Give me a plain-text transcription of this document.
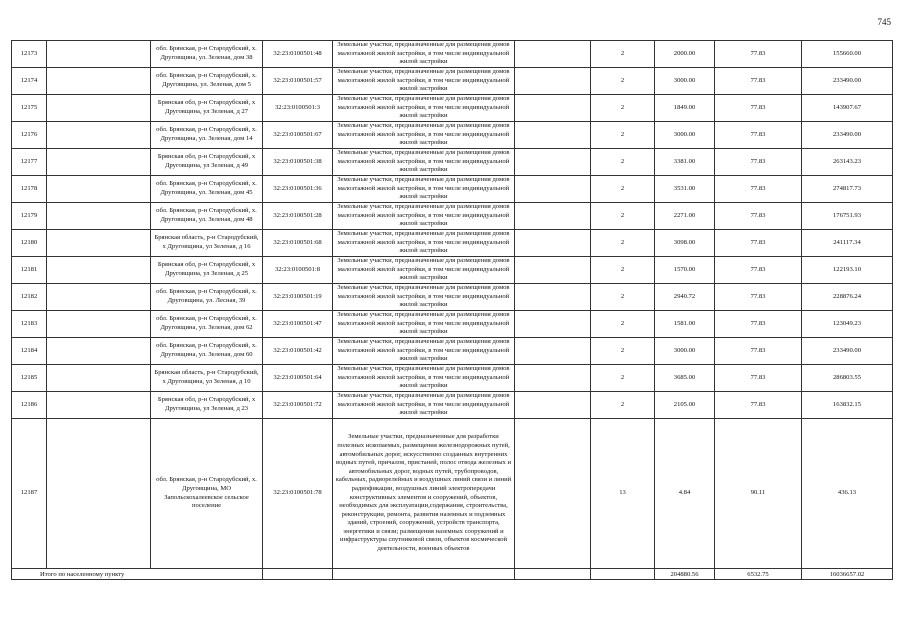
745
12173		обл. Брянская, р-н Стародубский, х. Друговщина, ул. Зеленая, дом 38	32:23:0100501:48	Земельные участки, предназначенные для размещения домов малоэтажной жилой застройки, в том числе индивидуальной жилой застройки		2	2000.00	77.83	155660.00
12174		обл. Брянская, р-н Стародубский, х. Друговщина, ул. Зеленая, дом 5	32:23:0100501:57	Земельные участки, предназначенные для размещения домов малоэтажной жилой застройки, в том числе индивидуальной жилой застройки		2	3000.00	77.83	233490.00
12175		Брянская обл, р-н Стародубский, х Друговщина, ул Зеленая, д 27	32:23:0100501:3	Земельные участки, предназначенные для размещения домов малоэтажной жилой застройки, в том числе индивидуальной жилой застройки		2	1849.00	77.83	143907.67
12176		обл. Брянская, р-н Стародубский, х. Друговщина, ул. Зеленая, дом 14	32:23:0100501:67	Земельные участки, предназначенные для размещения домов малоэтажной жилой застройки, в том числе индивидуальной жилой застройки		2	3000.00	77.83	233490.00
12177		Брянская обл, р-н Стародубский, х Друговщина, ул Зеленая, д 49	32:23:0100501:38	Земельные участки, предназначенные для размещения домов малоэтажной жилой застройки, в том числе индивидуальной жилой застройки		2	3381.00	77.83	263143.23
12178		обл. Брянская, р-н Стародубский, х. Друговщина, ул. Зеленая, дом 45	32:23:0100501:36	Земельные участки, предназначенные для размещения домов малоэтажной жилой застройки, в том числе индивидуальной жилой застройки		2	3531.00	77.83	274817.73
12179		обл. Брянская, р-н Стародубский, х. Друговщина, ул. Зеленая, дом 48	32:23:0100501:28	Земельные участки, предназначенные для размещения домов малоэтажной жилой застройки, в том числе индивидуальной жилой застройки		2	2271.00	77.83	176751.93
12180		Брянская область, р-н Стародубский, х Друговщина, ул Зеленая, д 16	32:23:0100501:68	Земельные участки, предназначенные для размещения домов малоэтажной жилой застройки, в том числе индивидуальной жилой застройки		2	3098.00	77.83	241117.34
12181		Брянская обл, р-н Стародубский, х Друговщина, ул Зеленая, д 25	32:23:0100501:8	Земельные участки, предназначенные для размещения домов малоэтажной жилой застройки, в том числе индивидуальной жилой застройки		2	1570.00	77.83	122193.10
12182		обл. Брянская, р-н Стародубский, х. Друговщина, ул. Лесная, 39	32:23:0100501:19	Земельные участки, предназначенные для размещения домов малоэтажной жилой застройки, в том числе индивидуальной жилой застройки		2	2940.72	77.83	228876.24
12183		обл. Брянская, р-н Стародубский, х. Друговщина, ул. Зеленая, дом 62	32:23:0100501:47	Земельные участки, предназначенные для размещения домов малоэтажной жилой застройки, в том числе индивидуальной жилой застройки		2	1581.00	77.83	123049.23
12184		обл. Брянская, р-н Стародубский, х. Друговщина, ул. Зеленая, дом 60	32:23:0100501:42	Земельные участки, предназначенные для размещения домов малоэтажной жилой застройки, в том числе индивидуальной жилой застройки		2	3000.00	77.83	233490.00
12185		Брянская область, р-н Стародубский, х Друговщина, ул Зеленая, д 10	32:23:0100501:64	Земельные участки, предназначенные для размещения домов малоэтажной жилой застройки, в том числе индивидуальной жилой застройки		2	3685.00	77.83	286803.55
12186		Брянская обл, р-н Стародубский, х Друговщина, ул Зеленая, д 23	32:23:0100501:72	Земельные участки, предназначенные для размещения домов малоэтажной жилой застройки, в том числе индивидуальной жилой застройки		2	2105.00	77.83	163832.15
12187		обл. Брянская, р-н Стародубский, х. Друговщина, МО Запольскохалеевское сельское поселение	32:23:0100501:78	Земельные участки, предназначенные для разработки полезных ископаемых, размещения железнодорожных путей, автомобильных дорог, искусственно созданных внутренних водных путей, причалов, пристаней, полос отвода железных и автомобильных дорог, водных путей, трубопроводов, кабельных, радиорелейных и воздушных линий связи и линий радиофикации, воздушных линий электропередачи конструктивных элементов и сооружений, объектов, необходимых для эксплуатации,содержания, строительства, реконструкции, ремонта, развития наземных и подземных зданий, строений, сооружений, устройств транспорта, энергетики и связи; размещения наземных сооружений и инфраструктуры спутниковой связи, объектов космической деятельности, военных объектов		13	4.84	90.11	436.13
Итого по населенному пункту							204880.56	6532.75	16036657.02
